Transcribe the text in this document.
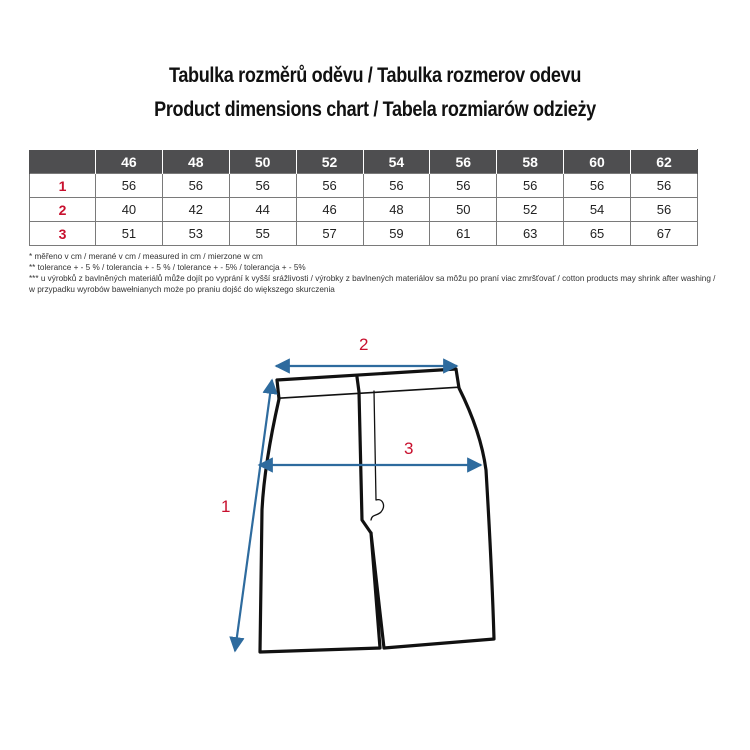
Tabulka rozměrů oděvu / Tabulka rozmerov odevu
Product dimensions chart / Tabela rozmiarów odzieży
	46	48	50	52	54	56	58	60	62
1	56	56	56	56	56	56	56	56	56
2	40	42	44	46	48	50	52	54	56
3	51	53	55	57	59	61	63	65	67

* měřeno v cm / merané v cm / measured in cm / mierzone w cm

** tolerance + - 5 % / tolerancia + - 5 % / tolerance + - 5% / tolerancja + - 5%

*** u výrobků z bavlněných materiálů může dojít po vyprání k vyšší srážlivosti / výrobky z bavlnených materiálov sa môžu po praní viac zmršťovať / cotton products may shrink after washing / w przypadku wyrobów bawełnianych może po praniu dojść do większego skurczenia

1
2
3
